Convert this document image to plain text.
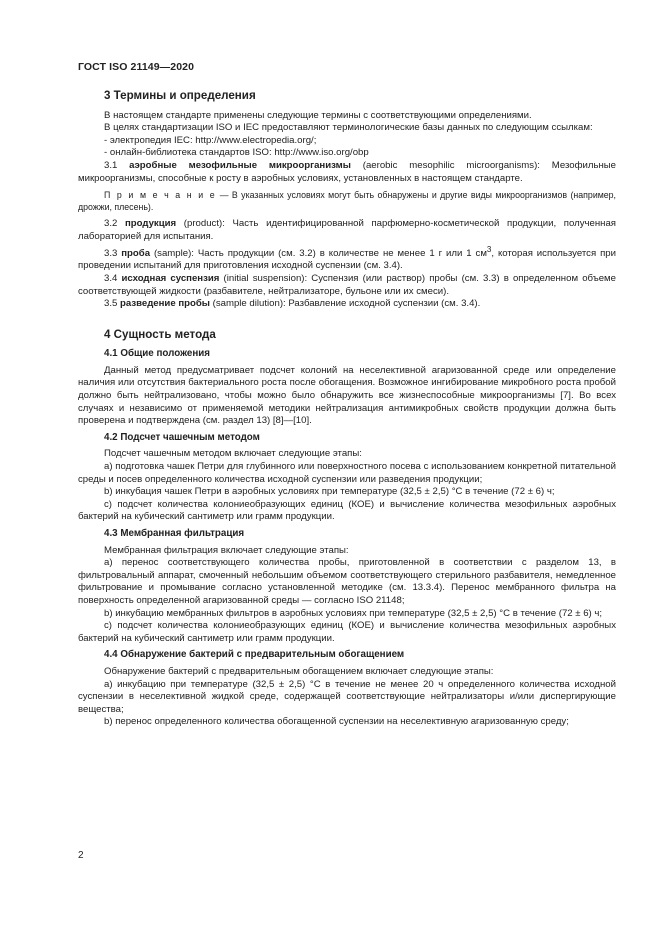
ГОСТ ISO 21149—2020
3 Термины и определения

В настоящем стандарте применены следующие термины с соответствующими определениями.

В целях стандартизации ISO и IEC предоставляют терминологические базы данных по следующим ссылкам:

- электропедия IEC: http://www.electropedia.org/;

- онлайн-библиотека стандартов ISO: http://www.iso.org/obp

3.1 аэробные мезофильные микроорганизмы (aerobic mesophilic microorganisms): Мезофильные микроорганизмы, способные к росту в аэробных условиях, установленных в настоящем стандарте.

П р и м е ч а н и е — В указанных условиях могут быть обнаружены и другие виды микроорганизмов (например, дрожжи, плесень).

3.2 продукция (product): Часть идентифицированной парфюмерно-косметической продукции, полученная лабораторией для испытания.

3.3 проба (sample): Часть продукции (см. 3.2) в количестве не менее 1 г или 1 $см^3$, которая используется при проведении испытаний для приготовления исходной суспензии (см. 3.4).

3.4 исходная суспензия (initial suspension): Суспензия (или раствор) пробы (см. 3.3) в определенном объеме соответствующей жидкости (разбавителе, нейтрализаторе, бульоне или их смеси).

3.5 разведение пробы (sample dilution): Разбавление исходной суспензии (см. 3.4).

4 Сущность метода
4.1 Общие положения

Данный метод предусматривает подсчет колоний на неселективной агаризованной среде или определение наличия или отсутствия бактериального роста после обогащения. Возможное ингибирование микробного роста пробой должно быть нейтрализовано, чтобы можно было обнаружить все жизнеспособные микроорганизмы [7]. Во всех случаях и независимо от применяемой методики нейтрализация антимикробных свойств продукции должна быть проверена и подтверждена (см. раздел 13) [8]—[10].

4.2 Подсчет чашечным методом

Подсчет чашечным методом включает следующие этапы:

a) подготовка чашек Петри для глубинного или поверхностного посева с использованием конкретной питательной среды и посев определенного количества исходной суспензии или разведения продукции;

b) инкубация чашек Петри в аэробных условиях при температуре (32,5 ± 2,5) °С в течение (72 ± 6) ч;

c) подсчет количества колониеобразующих единиц (КОЕ) и вычисление количества мезофильных аэробных бактерий на кубический сантиметр или грамм продукции.

4.3 Мембранная фильтрация

Мембранная фильтрация включает следующие этапы:

a) перенос соответствующего количества пробы, приготовленной в соответствии с разделом 13, в фильтровальный аппарат, смоченный небольшим объемом соответствующего стерильного разбавителя, немедленное фильтрование и промывание согласно установленной методике (см. 13.3.4). Перенос мембранного фильтра на поверхность определенной агаризованной среды — согласно ISO 21148;

b) инкубацию мембранных фильтров в аэробных условиях при температуре (32,5 ± 2,5) °С в течение (72 ± 6) ч;

c) подсчет количества колониеобразующих единиц (КОЕ) и вычисление количества мезофильных аэробных бактерий на кубический сантиметр или грамм продукции.

4.4 Обнаружение бактерий с предварительным обогащением

Обнаружение бактерий с предварительным обогащением включает следующие этапы:

a) инкубацию при температуре (32,5 ± 2,5) °С в течение не менее 20 ч определенного количества исходной суспензии в неселективной жидкой среде, содержащей соответствующие нейтрализаторы и/или диспергирующие вещества;

b) перенос определенного количества обогащенной суспензии на неселективную агаризованную среду;

2
